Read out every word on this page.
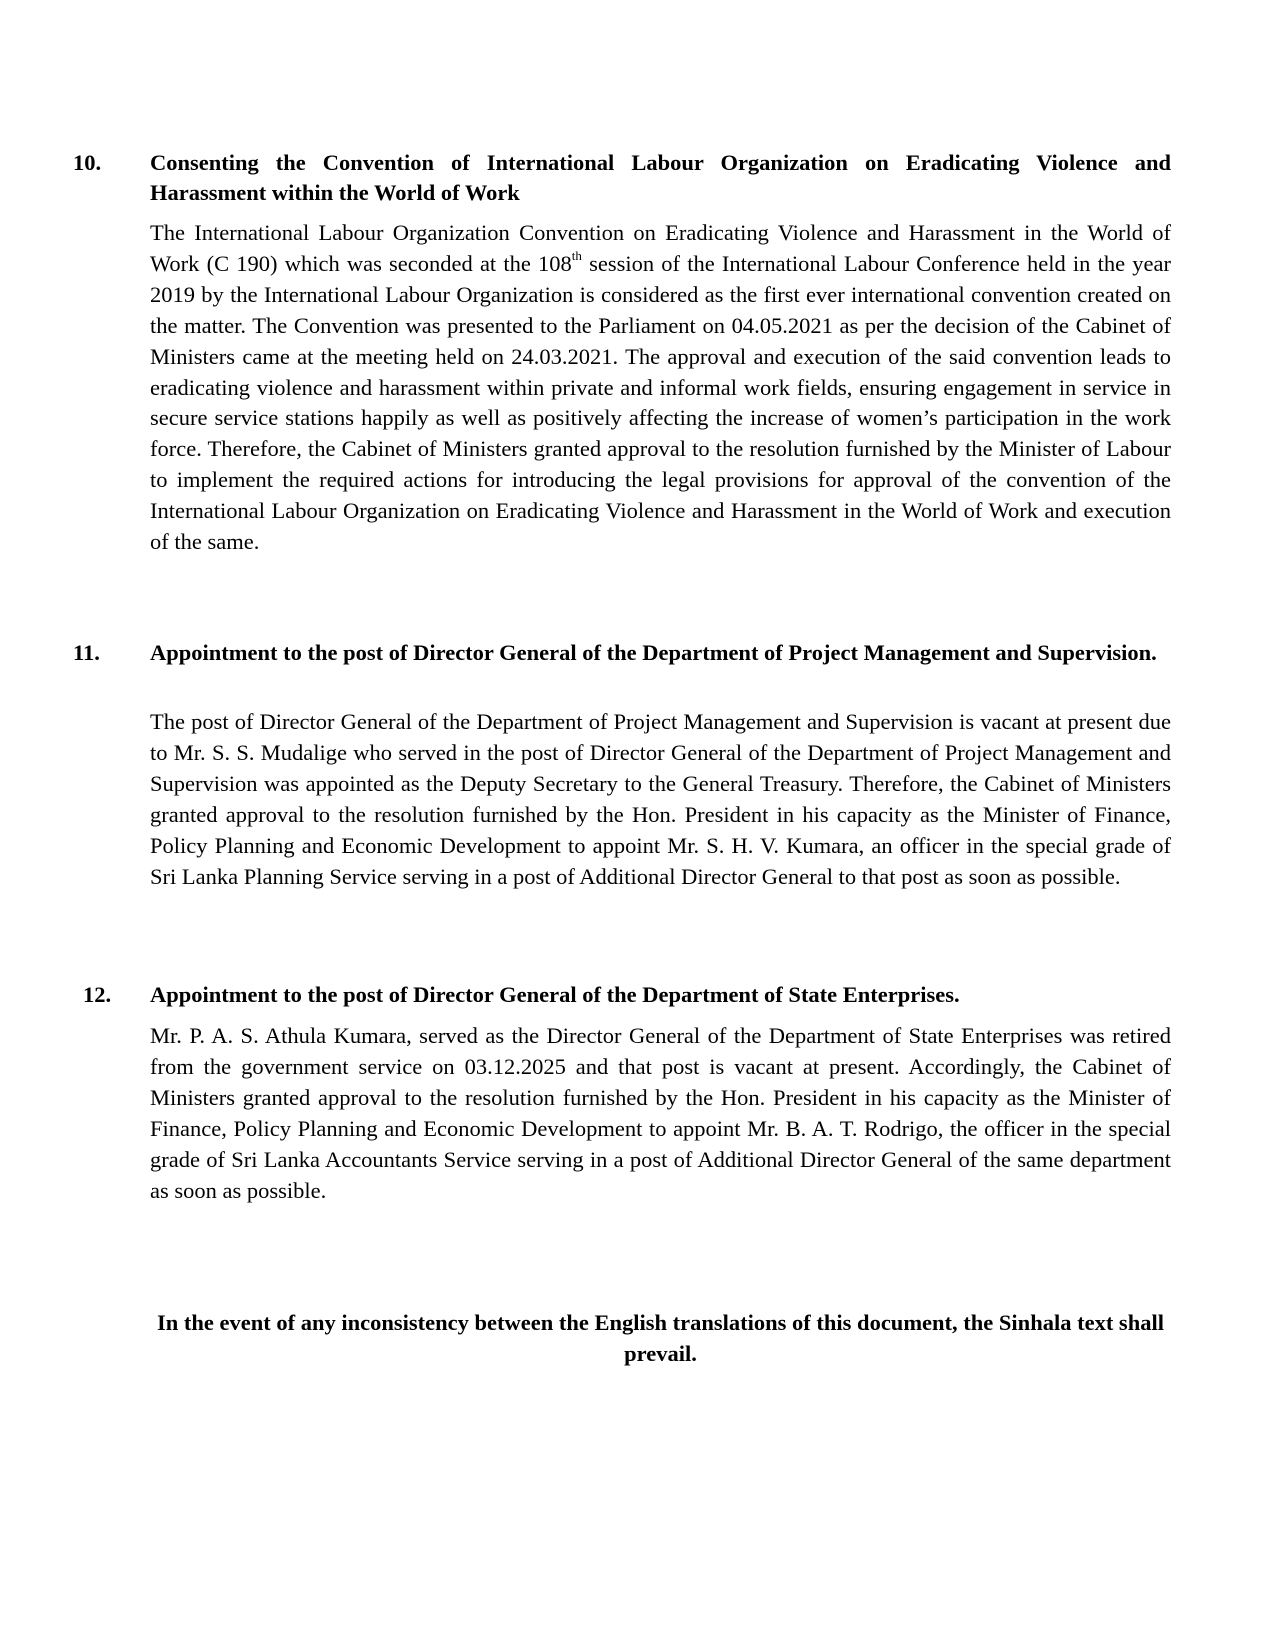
10. Consenting the Convention of International Labour Organization on Eradicating Violence and Harassment within the World of Work
The International Labour Organization Convention on Eradicating Violence and Harassment in the World of Work (C 190) which was seconded at the 108th session of the International Labour Conference held in the year 2019 by the International Labour Organization is considered as the first ever international convention created on the matter. The Convention was presented to the Parliament on 04.05.2021 as per the decision of the Cabinet of Ministers came at the meeting held on 24.03.2021. The approval and execution of the said convention leads to eradicating violence and harassment within private and informal work fields, ensuring engagement in service in secure service stations happily as well as positively affecting the increase of women’s participation in the work force. Therefore, the Cabinet of Ministers granted approval to the resolution furnished by the Minister of Labour to implement the required actions for introducing the legal provisions for approval of the convention of the International Labour Organization on Eradicating Violence and Harassment in the World of Work and execution of the same.
11. Appointment to the post of Director General of the Department of Project Management and Supervision.
The post of Director General of the Department of Project Management and Supervision is vacant at present due to Mr. S. S. Mudalige who served in the post of Director General of the Department of Project Management and Supervision was appointed as the Deputy Secretary to the General Treasury. Therefore, the Cabinet of Ministers granted approval to the resolution furnished by the Hon. President in his capacity as the Minister of Finance, Policy Planning and Economic Development to appoint Mr. S. H. V. Kumara, an officer in the special grade of Sri Lanka Planning Service serving in a post of Additional Director General to that post as soon as possible.
12. Appointment to the post of Director General of the Department of State Enterprises.
Mr. P. A. S. Athula Kumara, served as the Director General of the Department of State Enterprises was retired from the government service on 03.12.2025 and that post is vacant at present. Accordingly, the Cabinet of Ministers granted approval to the resolution furnished by the Hon. President in his capacity as the Minister of Finance, Policy Planning and Economic Development to appoint Mr. B. A. T. Rodrigo, the officer in the special grade of Sri Lanka Accountants Service serving in a post of Additional Director General of the same department as soon as possible.
In the event of any inconsistency between the English translations of this document, the Sinhala text shall prevail.
